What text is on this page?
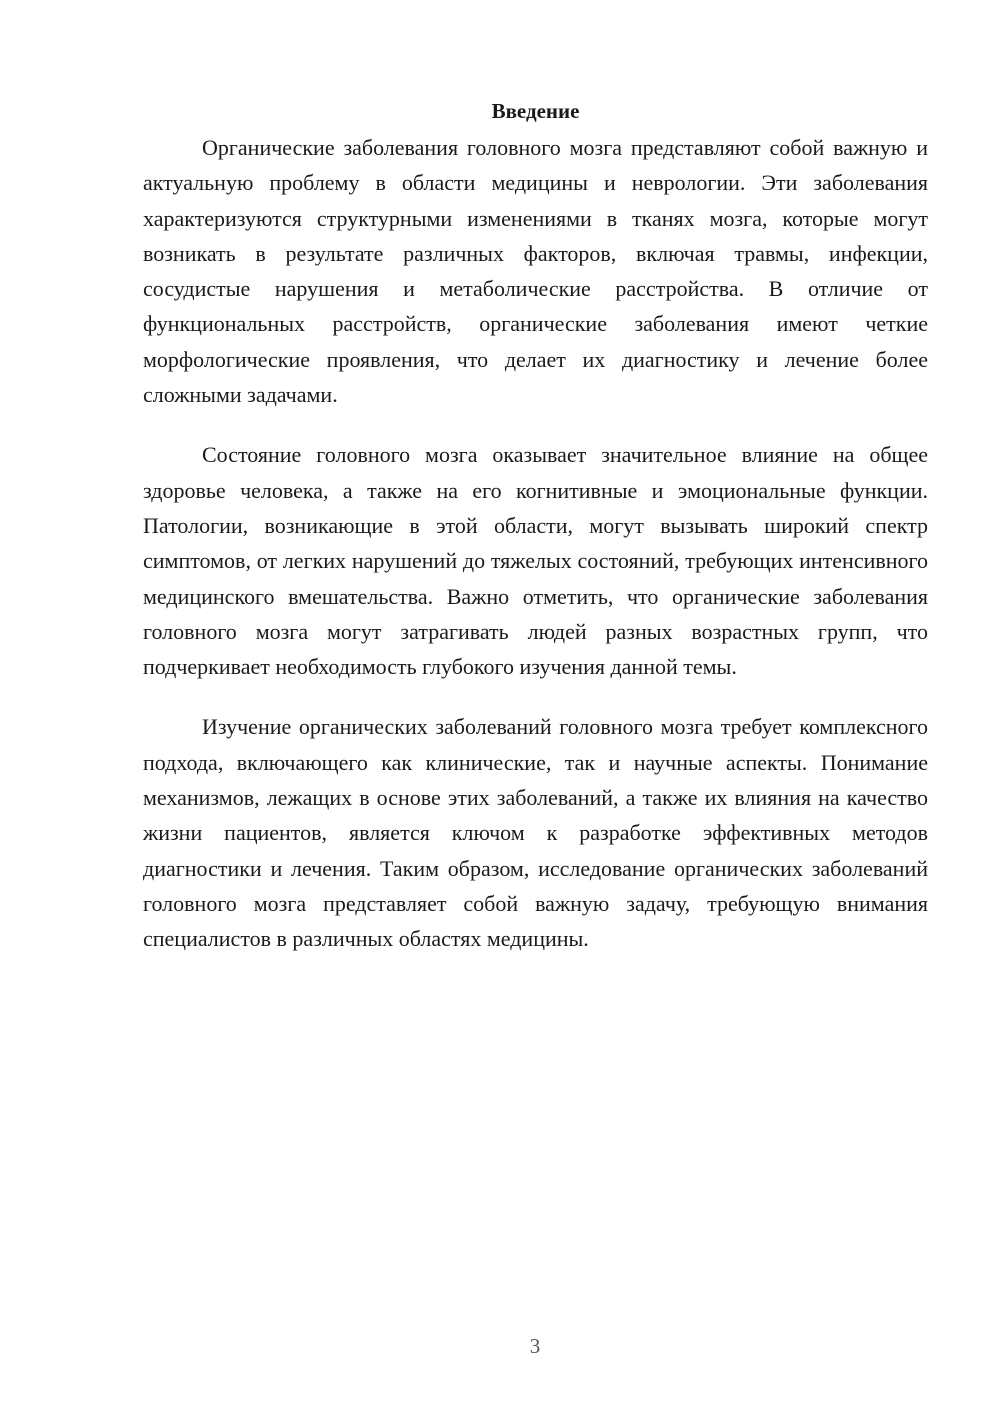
Введение

Органические заболевания головного мозга представляют собой важную и актуальную проблему в области медицины и неврологии. Эти заболевания характеризуются структурными изменениями в тканях мозга, которые могут возникать в результате различных факторов, включая травмы, инфекции, сосудистые нарушения и метаболические расстройства. В отличие от функциональных расстройств, органические заболевания имеют четкие морфологические проявления, что делает их диагностику и лечение более сложными задачами.

Состояние головного мозга оказывает значительное влияние на общее здоровье человека, а также на его когнитивные и эмоциональные функции. Патологии, возникающие в этой области, могут вызывать широкий спектр симптомов, от легких нарушений до тяжелых состояний, требующих интенсивного медицинского вмешательства. Важно отметить, что органические заболевания головного мозга могут затрагивать людей разных возрастных групп, что подчеркивает необходимость глубокого изучения данной темы.

Изучение органических заболеваний головного мозга требует комплексного подхода, включающего как клинические, так и научные аспекты. Понимание механизмов, лежащих в основе этих заболеваний, а также их влияния на качество жизни пациентов, является ключом к разработке эффективных методов диагностики и лечения. Таким образом, исследование органических заболеваний головного мозга представляет собой важную задачу, требующую внимания специалистов в различных областях медицины.

3
